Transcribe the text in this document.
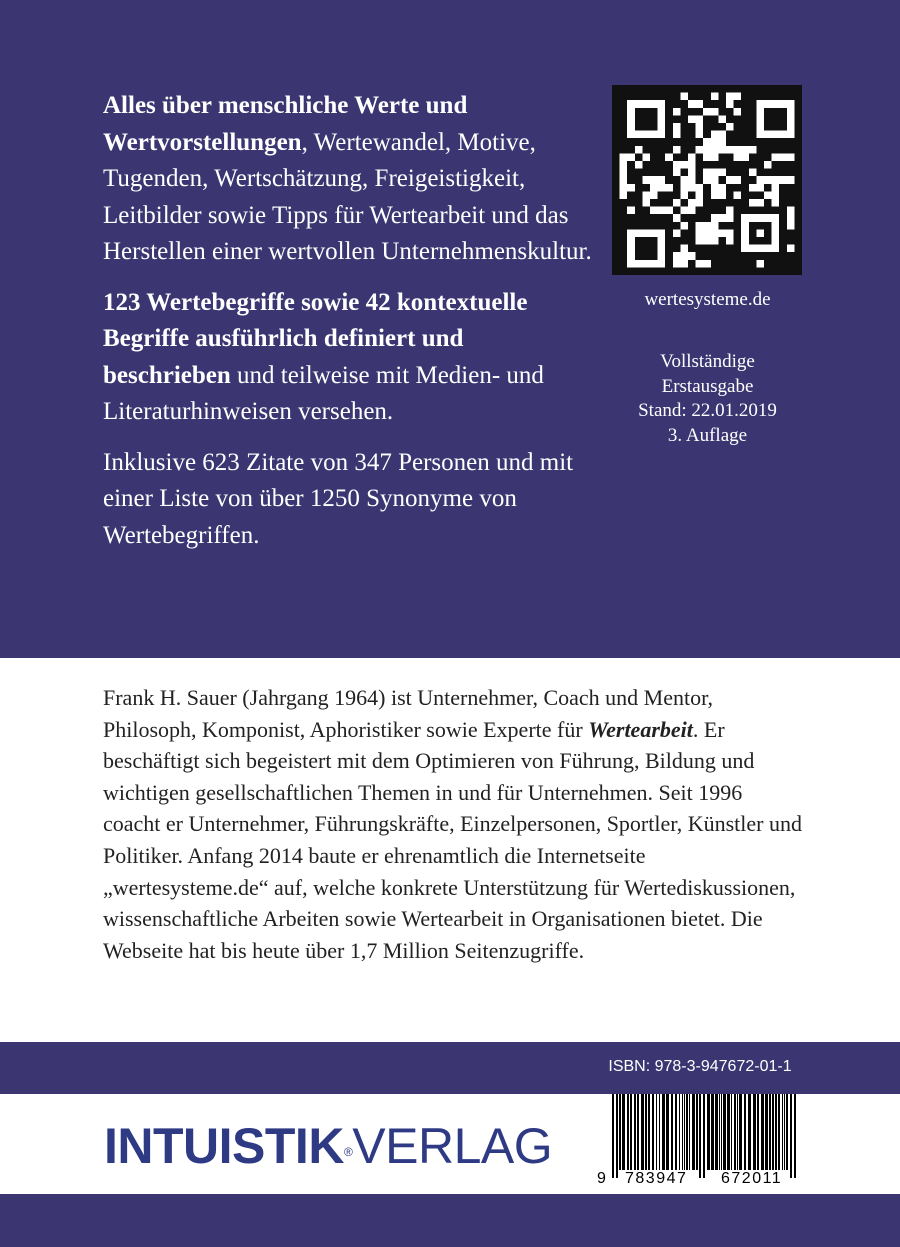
Alles über menschliche Werte und Wertvorstellungen, Wertewandel, Motive, Tugenden, Wertschätzung, Freigeistigkeit, Leitbilder sowie Tipps für Wertearbeit und das Herstellen einer wertvollen Unternehmenskultur.

123 Wertebegriffe sowie 42 kontextuelle Begriffe ausführlich definiert und beschrieben und teilweise mit Medien- und Literaturhinweisen versehen.

Inklusive 623 Zitate von 347 Personen und mit einer Liste von über 1250 Synonyme von Wertebegriffen.

wertesysteme.de
Vollständige
Erstausgabe
Stand: 22.01.2019
3. Auflage
Frank H. Sauer (Jahrgang 1964) ist Unternehmer, Coach und Mentor, Philosoph, Komponist, Aphoristiker sowie Experte für Wertearbeit. Er beschäftigt sich begeistert mit dem Optimieren von Führung, Bildung und wichtigen gesellschaftlichen Themen in und für Unternehmen. Seit 1996 coacht er Unternehmer, Führungskräfte, Einzelpersonen, Sportler, Künstler und Politiker. Anfang 2014 baute er ehrenamtlich die Internetseite „wertesysteme.de“ auf, welche konkrete Unterstützung für Wertediskussionen, wissenschaftliche Arbeiten sowie Wertearbeit in Organisationen bietet. Die Webseite hat bis heute über 1,7 Million Seitenzugriffe.
ISBN: 978-3-947672-01-1
INTUISTIK®VERLAG
9 783947 672011
